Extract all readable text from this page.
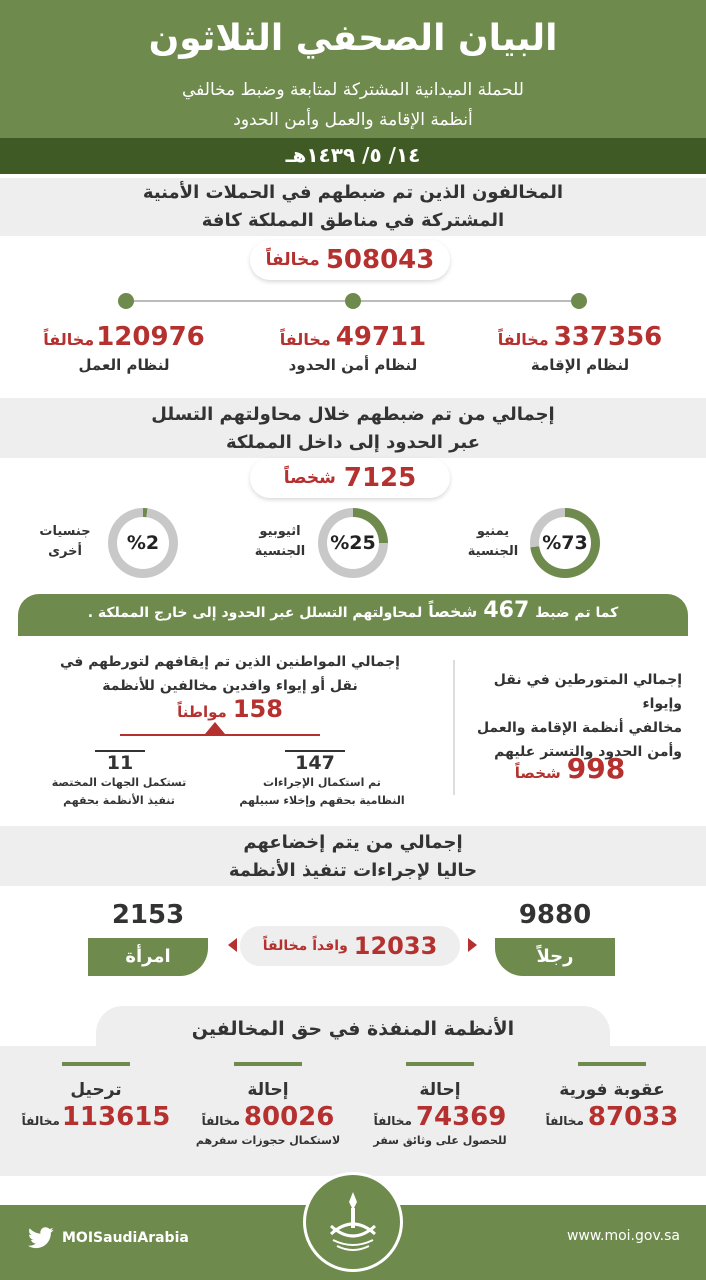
البيان الصحفي الثلاثون
للحملة الميدانية المشتركة لمتابعة وضبط مخالفي
أنظمة الإقامة والعمل وأمن الحدود
١٤/ ٥/ ١٤٣٩هـ
المخالفون الذين تم ضبطهم في الحملات الأمنية
المشتركة في مناطق المملكة كافة
508043
مخالفاً
337356
مخالفاً
لنظام الإقامة
49711
مخالفاً
لنظام أمن الحدود
120976
مخالفاً
لنظام العمل
إجمالي من تم ضبطهم خلال محاولتهم التسلل
عبر الحدود إلى داخل المملكة
7125
شخصاً
%73
يمنيو
الجنسية
%25
اثيوبيو
الجنسية
%2
جنسيات
أخرى
كما تم ضبط
467
شخصاً
لمحاولتهم التسلل عبر الحدود إلى خارج المملكة .
إجمالي المتورطين في نقل وإيواء
مخالفي أنظمة الإقامة والعمل
وأمن الحدود والتستر عليهم
998
شخصاً
إجمالي المواطنين الذين تم إيقافهم لتورطهم في
نقل أو إيواء وافدين مخالفين للأنظمة
158
مواطناً
147
11
تم استكمال الإجراءات
النظامية بحقهم وإخلاء سبيلهم
تستكمل الجهات المختصة
تنفيذ الأنظمة بحقهم
إجمالي من يتم إخضاعهم
حاليا لإجراءات تنفيذ الأنظمة
9880
رجلاً
2153
امرأة	12033
وافداً مخالفاً
الأنظمة المنفذة في حق المخالفين
عقوبة فورية
87033
مخالفاً
إحالة
74369
مخالفاً
للحصول على وثائق سفر
إحالة
80026
مخالفاً
لاستكمال حجوزات سفرهم
ترحيل
113615
مخالفاً
MOISaudiArabia	www.moi.gov.sa
